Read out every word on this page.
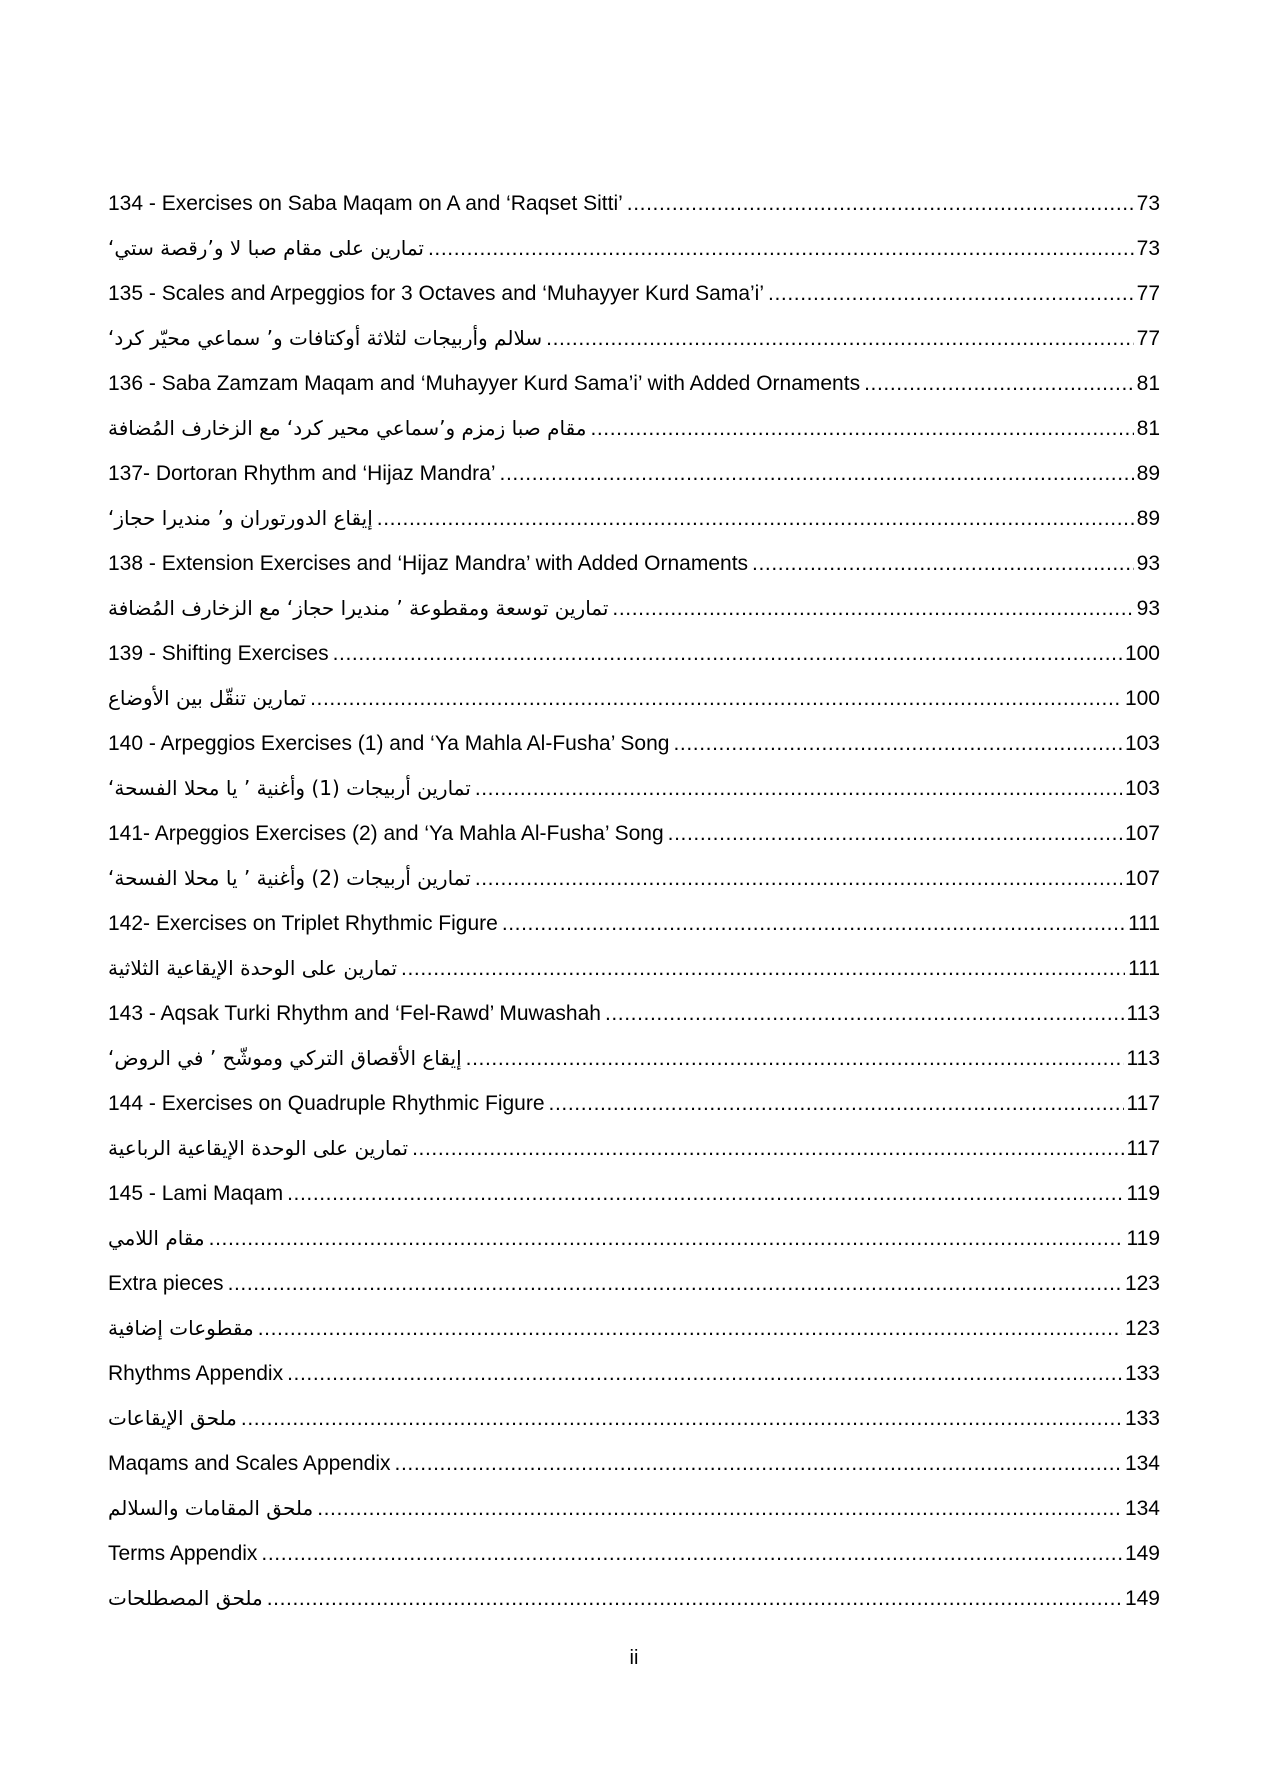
134 - Exercises on Saba Maqam on A and ‘Raqset Sitti’ .....	73
تمارين على مقام صبا لا و’رقصة ستي‘ .....	73
135 - Scales and Arpeggios for 3 Octaves and ‘Muhayyer Kurd Sama’i’ .....	77
سلالم وأربيجات لثلاثة أوكتافات و’ سماعي محيّر كرد‘ .....	77
136 - Saba Zamzam Maqam and ‘Muhayyer Kurd Sama’i’ with Added Ornaments .....	81
مقام صبا زمزم و’سماعي محير كرد‘ مع الزخارف المُضافة .....	81
137- Dortoran Rhythm and ‘Hijaz Mandra’ .....	89
إيقاع الدورتوران و’ منديرا حجاز‘ .....	89
138 - Extension Exercises and ‘Hijaz Mandra’ with Added Ornaments .....	93
تمارين توسعة ومقطوعة ’ منديرا حجاز‘ مع الزخارف المُضافة .....	93
139 - Shifting Exercises .....	100
تمارين تنقّل بين الأوضاع .....	100
140 - Arpeggios Exercises (1) and ‘Ya Mahla Al-Fusha’ Song .....	103
تمارين أربيجات (1) وأغنية ’ يا محلا الفسحة‘ .....	103
141- Arpeggios Exercises (2) and ‘Ya Mahla Al-Fusha’ Song .....	107
تمارين أربيجات (2) وأغنية ’ يا محلا الفسحة‘ .....	107
142- Exercises on Triplet Rhythmic Figure .....	111
تمارين على الوحدة الإيقاعية الثلاثية .....	111
143 - Aqsak Turki Rhythm and ‘Fel-Rawd’ Muwashah .....	113
إيقاع الأقصاق التركي وموشّح ’ في الروض‘ .....	113
144 - Exercises on Quadruple Rhythmic Figure .....	117
تمارين على الوحدة الإيقاعية الرباعية .....	117
145 - Lami Maqam .....	119
مقام اللامي .....	119
Extra pieces .....	123
مقطوعات إضافية .....	123
Rhythms Appendix .....	133
ملحق الإيقاعات .....	133
Maqams and Scales Appendix .....	134
ملحق المقامات والسلالم .....	134
Terms Appendix .....	149
ملحق المصطلحات .....	149
ii
